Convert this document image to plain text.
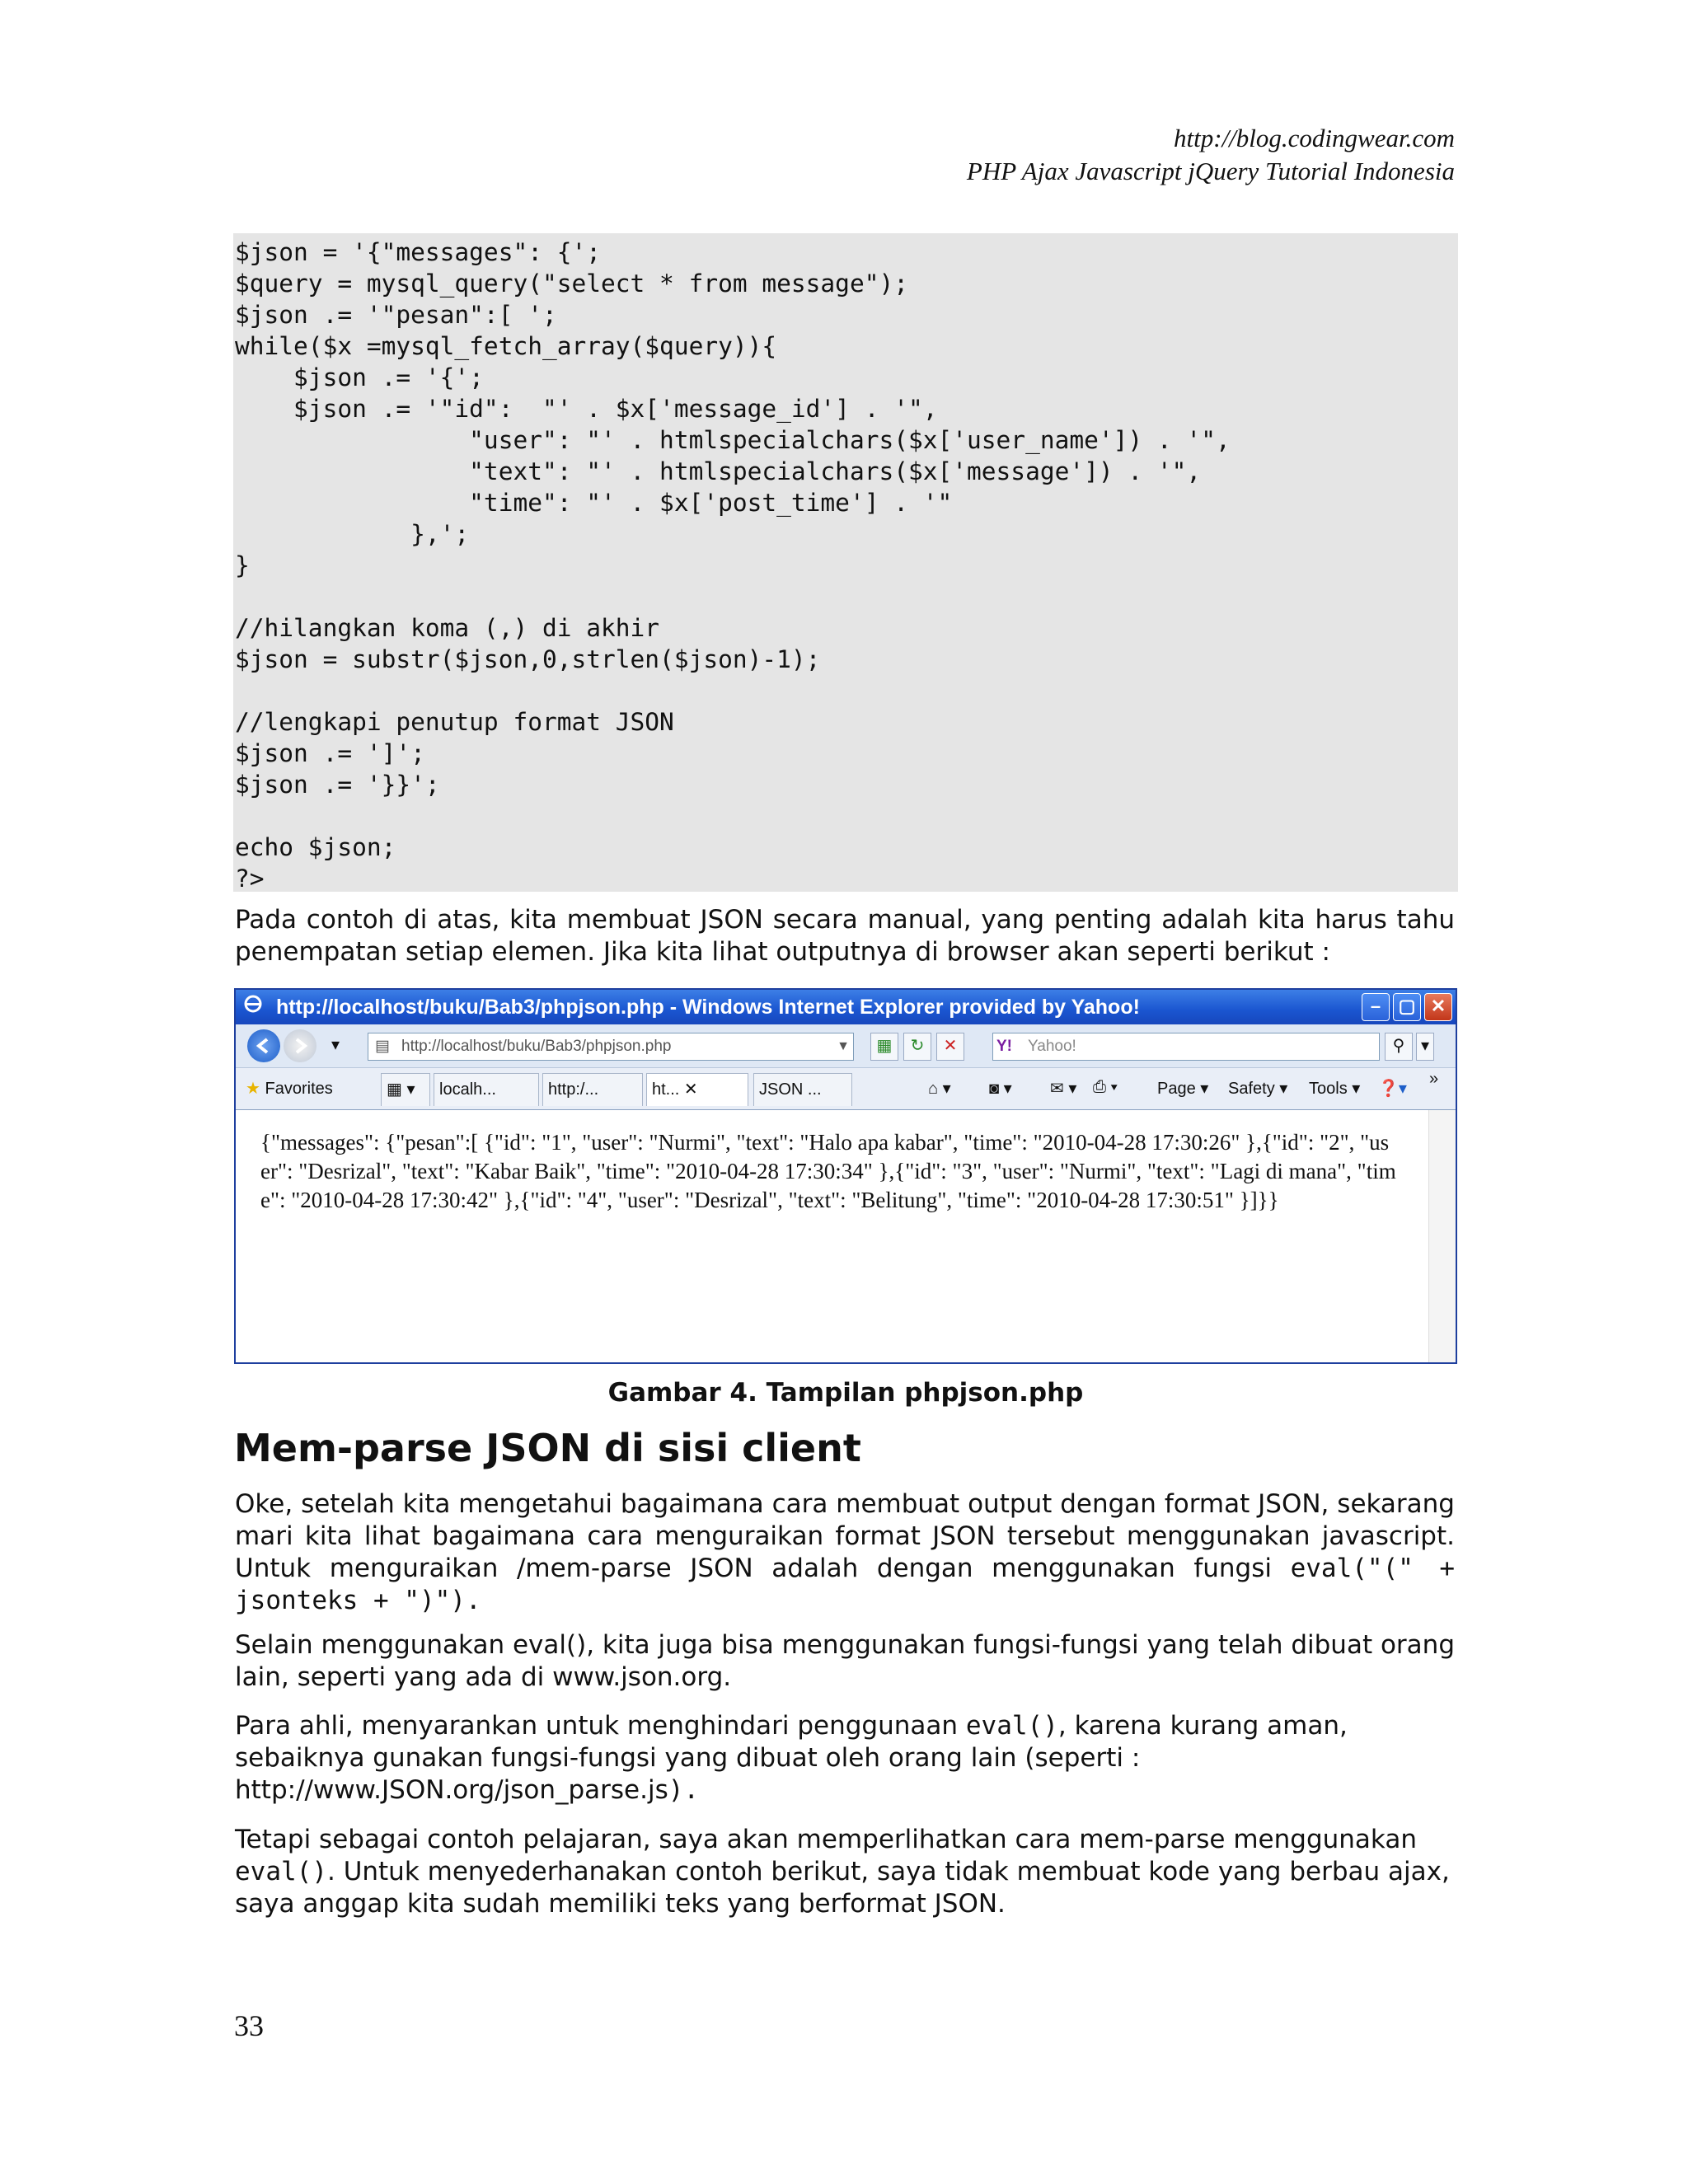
http://blog.codingwear.com
PHP Ajax Javascript jQuery Tutorial Indonesia
$json = '{"messages": {';
$query = mysql_query("select * from message");
$json .= '"pesan":[ ';
while($x =mysql_fetch_array($query)){
$json .= '{';
$json .= '"id":  "' . $x['message_id'] . '",
"user": "' . htmlspecialchars($x['user_name']) . '",
"text": "' . htmlspecialchars($x['message']) . '",
"time": "' . $x['post_time'] . '"
},';
}
//hilangkan koma (,) di akhir
$json = substr($json,0,strlen($json)-1);
//lengkapi penutup format JSON
$json .= ']';
$json .= '}}';
echo $json;
?>
Pada contoh di atas, kita membuat JSON secara manual, yang penting adalah kita harus tahu penempatan setiap elemen. Jika kita lihat outputnya di browser akan seperti berikut :
http://localhost/buku/Bab3/phpjson.php - Windows Internet Explorer provided by Yahoo!	– ▢ ✕
▾	▤ http://localhost/buku/Bab3/phpjson.php	▼	▦	↻	✕	Y! Yahoo!	⚲ ▾
★ Favorites	▦ ▾	localh...	http:/...	ht... ✕	JSON ...	⌂ ▾ ◙ ▾ ✉ ▾ ⎙ ▾ Page ▾ Safety ▾ Tools ▾ ❓▾
»
{"messages": {"pesan":[ {"id": "1", "user": "Nurmi", "text": "Halo apa kabar", "time": "2010-04-28 17:30:26" },{"id": "2", "user": "Desrizal", "text": "Kabar Baik", "time": "2010-04-28 17:30:34" },{"id": "3", "user": "Nurmi", "text": "Lagi di mana", "time": "2010-04-28 17:30:42" },{"id": "4", "user": "Desrizal", "text": "Belitung", "time": "2010-04-28 17:30:51" }]}}
Gambar 4. Tampilan phpjson.php
Mem-parse JSON di sisi client
Oke, setelah kita mengetahui bagaimana cara membuat output dengan format JSON, sekarang mari kita lihat bagaimana cara menguraikan format JSON tersebut menggunakan javascript. Untuk menguraikan /mem-parse JSON adalah dengan menggunakan fungsi eval("(" + jsonteks + ")").
Selain menggunakan eval(), kita juga bisa menggunakan fungsi-fungsi yang telah dibuat orang lain, seperti yang ada di www.json.org.
Para ahli, menyarankan untuk menghindari penggunaan eval(), karena kurang aman, sebaiknya gunakan fungsi-fungsi yang dibuat oleh orang lain (seperti :
http://www.JSON.org/json_parse.js).
Tetapi sebagai contoh pelajaran, saya akan memperlihatkan cara mem-parse menggunakan
eval(). Untuk menyederhanakan contoh berikut, saya tidak membuat kode yang berbau ajax, saya anggap kita sudah memiliki teks yang berformat JSON.
33
